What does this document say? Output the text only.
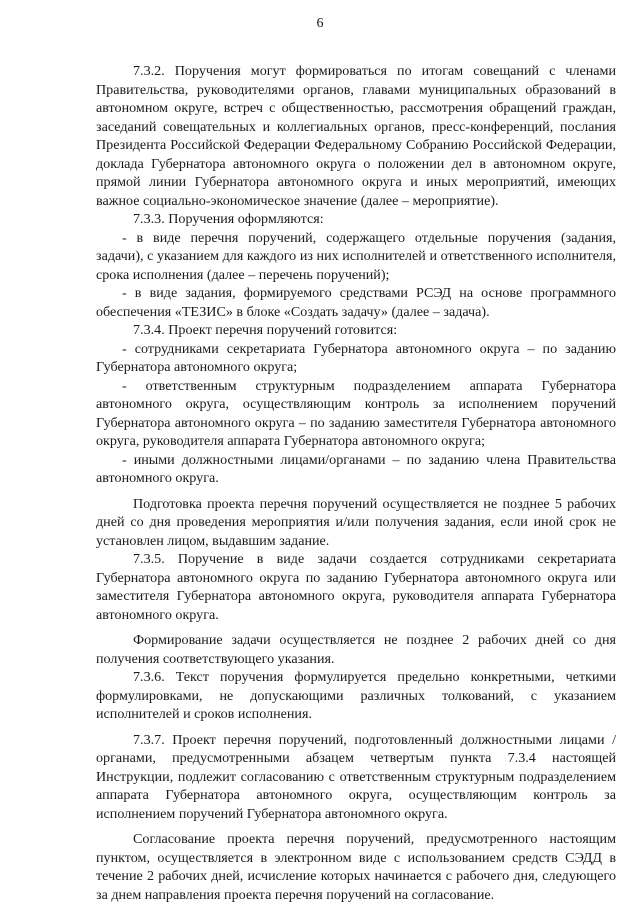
6

7.3.2. Поручения могут формироваться по итогам совещаний с членами Правительства, руководителями органов, главами муниципальных образований в автономном округе, встреч с общественностью, рассмотрения обращений граждан, заседаний совещательных и коллегиальных органов, пресс-конференций, послания Президента Российской Федерации Федеральному Собранию Российской Федерации, доклада Губернатора автономного округа о положении дел в автономном округе, прямой линии Губернатора автономного округа и иных мероприятий, имеющих важное социально-экономическое значение (далее – мероприятие).

7.3.3. Поручения оформляются:

- в виде перечня поручений, содержащего отдельные поручения (задания, задачи), с указанием для каждого из них исполнителей и ответственного исполнителя, срока исполнения (далее – перечень поручений);

- в виде задания, формируемого средствами РСЭД на основе программного обеспечения «ТЕЗИС» в блоке «Создать задачу» (далее – задача).

7.3.4. Проект перечня поручений готовится:

- сотрудниками секретариата Губернатора автономного округа – по заданию Губернатора автономного округа;

- ответственным структурным подразделением аппарата Губернатора автономного округа, осуществляющим контроль за исполнением поручений Губернатора автономного округа – по заданию заместителя Губернатора автономного округа, руководителя аппарата Губернатора автономного округа;

- иными должностными лицами/органами – по заданию члена Правительства автономного округа.

Подготовка проекта перечня поручений осуществляется не позднее 5 рабочих дней со дня проведения мероприятия и/или получения задания, если иной срок не установлен лицом, выдавшим задание.

7.3.5. Поручение в виде задачи создается сотрудниками секретариата Губернатора автономного округа по заданию Губернатора автономного округа или заместителя Губернатора автономного округа, руководителя аппарата Губернатора автономного округа.

Формирование задачи осуществляется не позднее 2 рабочих дней со дня получения соответствующего указания.

7.3.6. Текст поручения формулируется предельно конкретными, четкими формулировками, не допускающими различных толкований, с указанием исполнителей и сроков исполнения.

7.3.7. Проект перечня поручений, подготовленный должностными лицами /органами, предусмотренными абзацем четвертым пункта 7.3.4 настоящей Инструкции, подлежит согласованию с ответственным структурным подразделением аппарата Губернатора автономного округа, осуществляющим контроль за исполнением поручений Губернатора автономного округа.

Согласование проекта перечня поручений, предусмотренного настоящим пунктом, осуществляется в электронном виде с использованием средств СЭДД в течение 2 рабочих дней, исчисление которых начинается с рабочего дня, следующего за днем направления проекта перечня поручений на согласование.
